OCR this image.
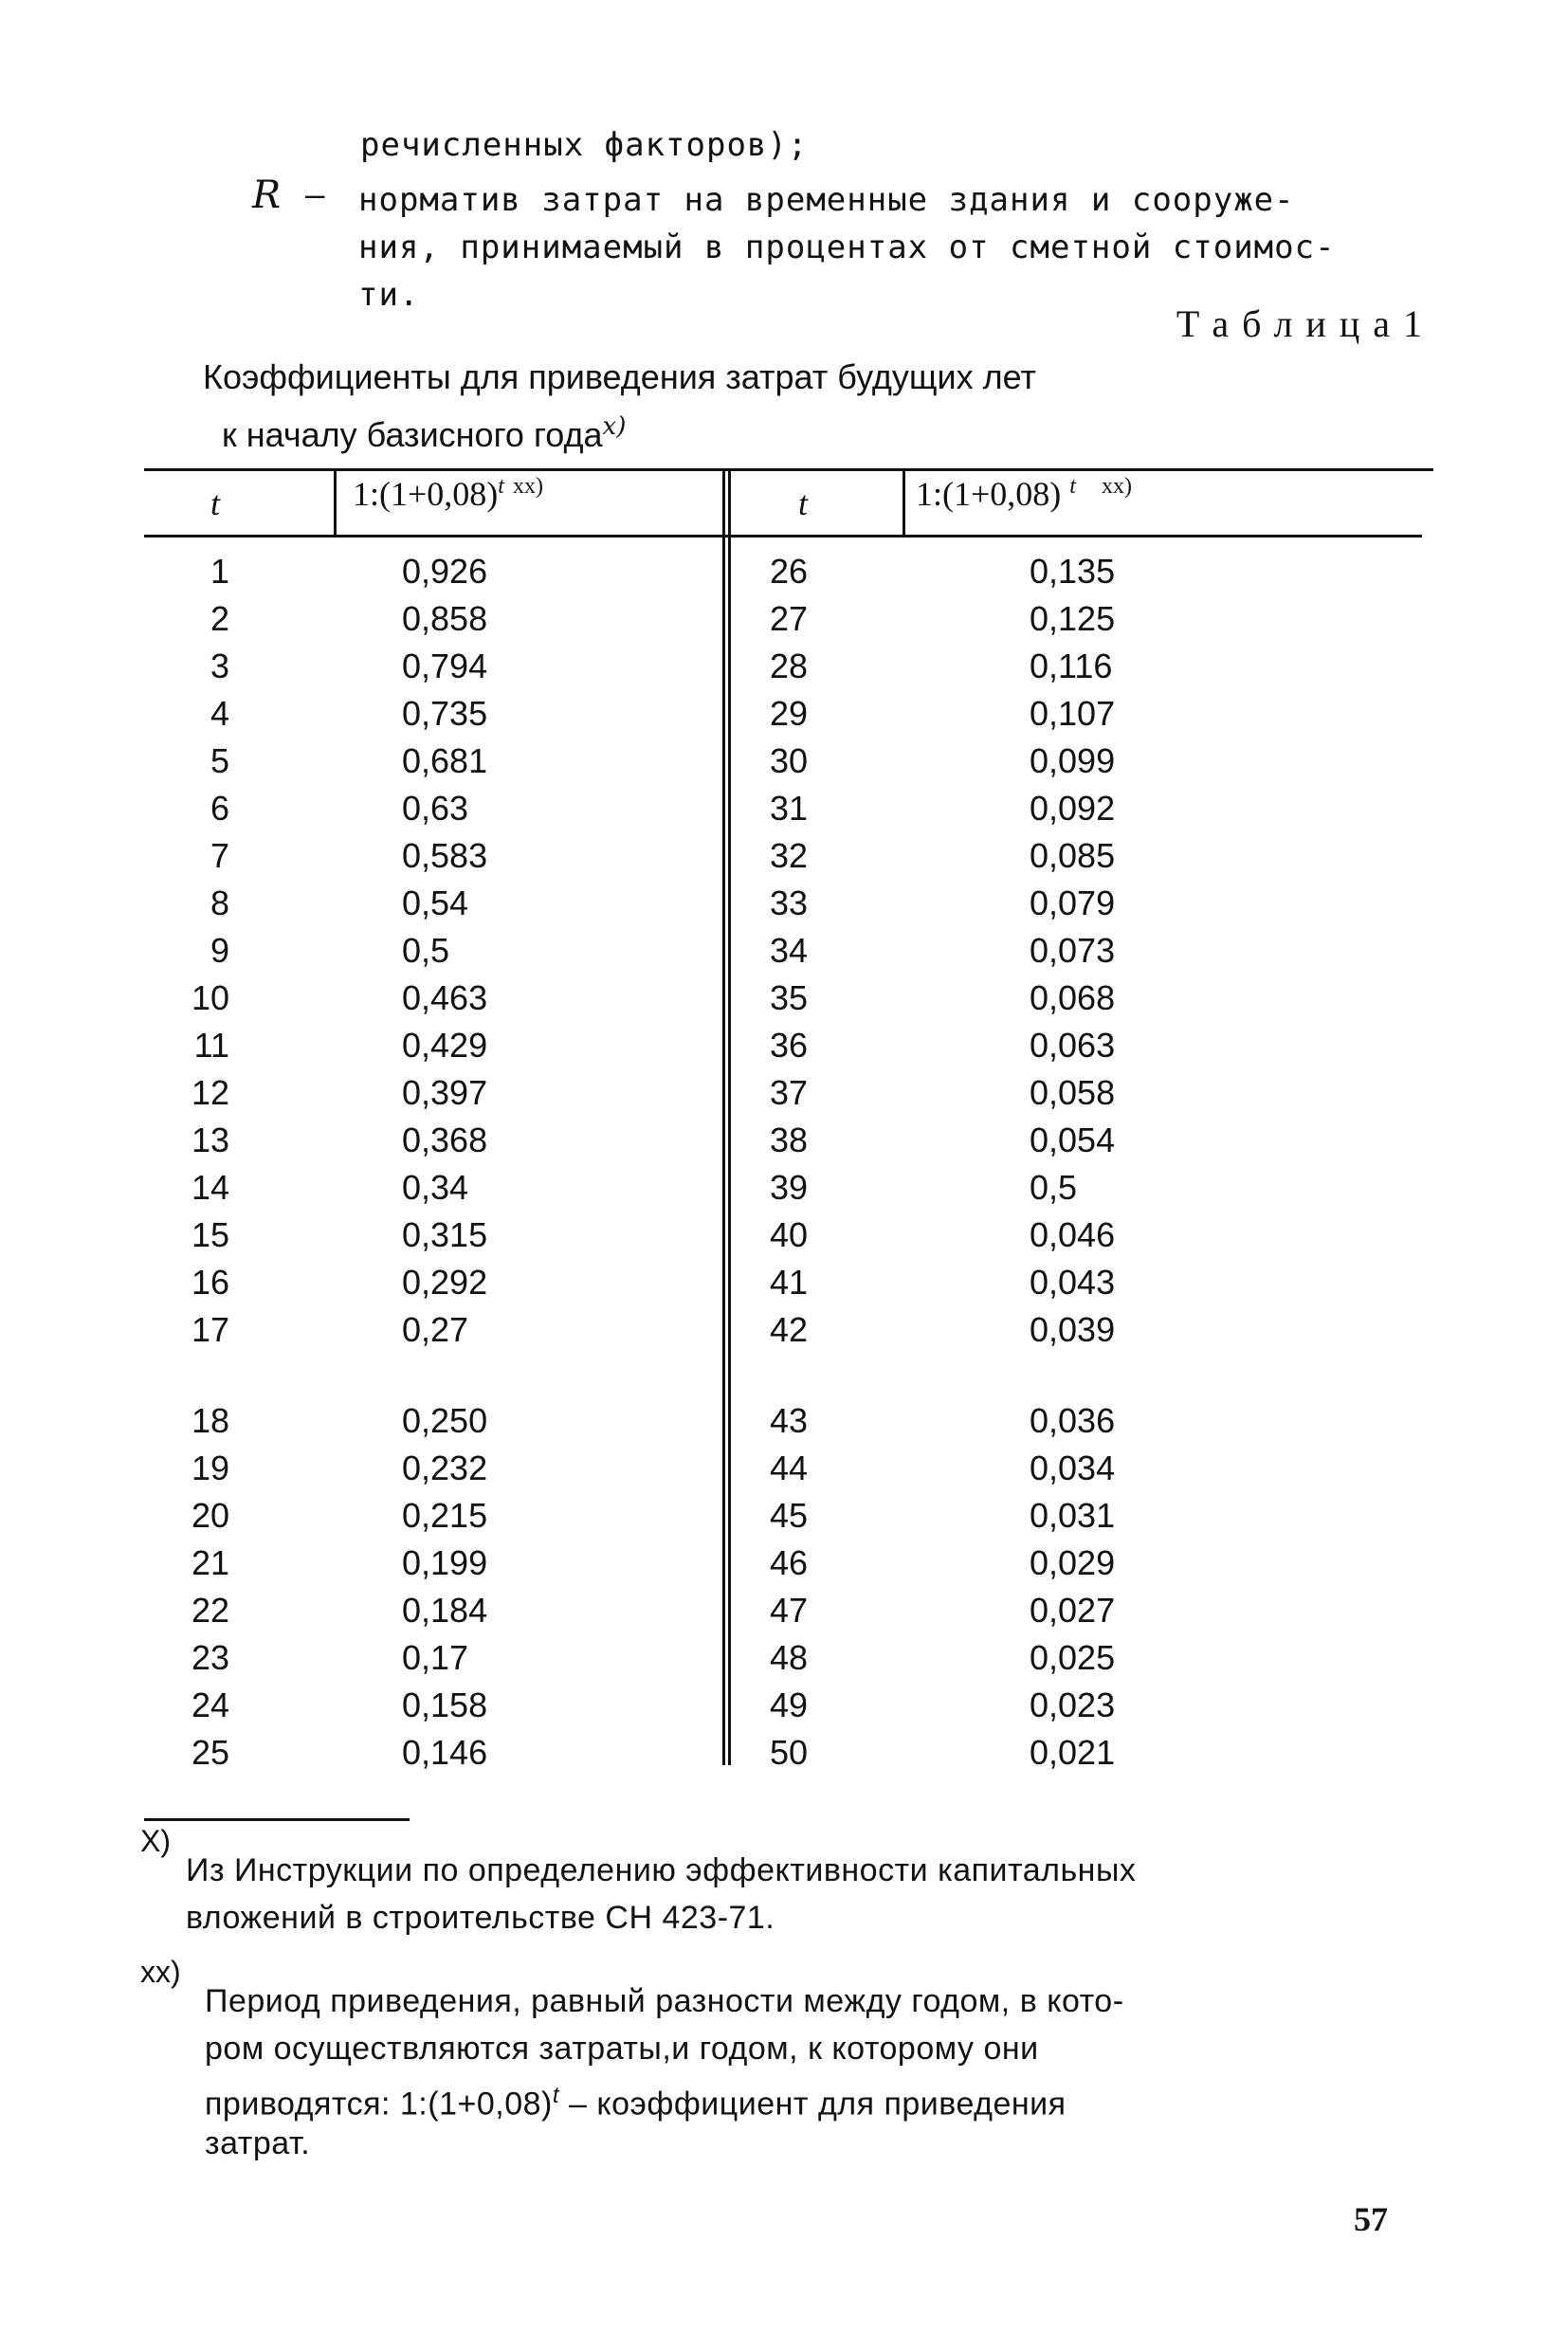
речисленных факторов);
R – норматив затрат на временные здания и сооруже-
ния, принимаемый в процентах от сметной стоимос-
ти.
Таблица1
Коэффициенты для приведения затрат будущих лет
к началу базисного года$^{x)}$
t	$1:(1+0,08)^t$ $^{xx)}$	t	1:(1+0,08) $^t$ $^{xx)}$
1	0,926	26	0,135
2	0,858	27	0,125
3	0,794	28	0,116
4	0,735	29	0,107
5	0,681	30	0,099
6	0,63	31	0,092
7	0,583	32	0,085
8	0,54	33	0,079
9	0,5	34	0,073
10	0,463	35	0,068
11	0,429	36	0,063
12	0,397	37	0,058
13	0,368	38	0,054
14	0,34	39	0,5
15	0,315	40	0,046
16	0,292	41	0,043
17	0,27	42	0,039
18	0,250	43	0,036
19	0,232	44	0,034
20	0,215	45	0,031
21	0,199	46	0,029
22	0,184	47	0,027
23	0,17	48	0,025
24	0,158	49	0,023
25	0,146	50	0,021
X)
Из Инструкции по определению эффективности капитальных
вложений в строительстве СН 423-71.
xx)
Период приведения, равный разности между годом, в кото-
ром осуществляются затраты,и годом, к которому они
приводятся: $1:(1+0,08)^t$ – коэффициент для приведения
затрат.
57
